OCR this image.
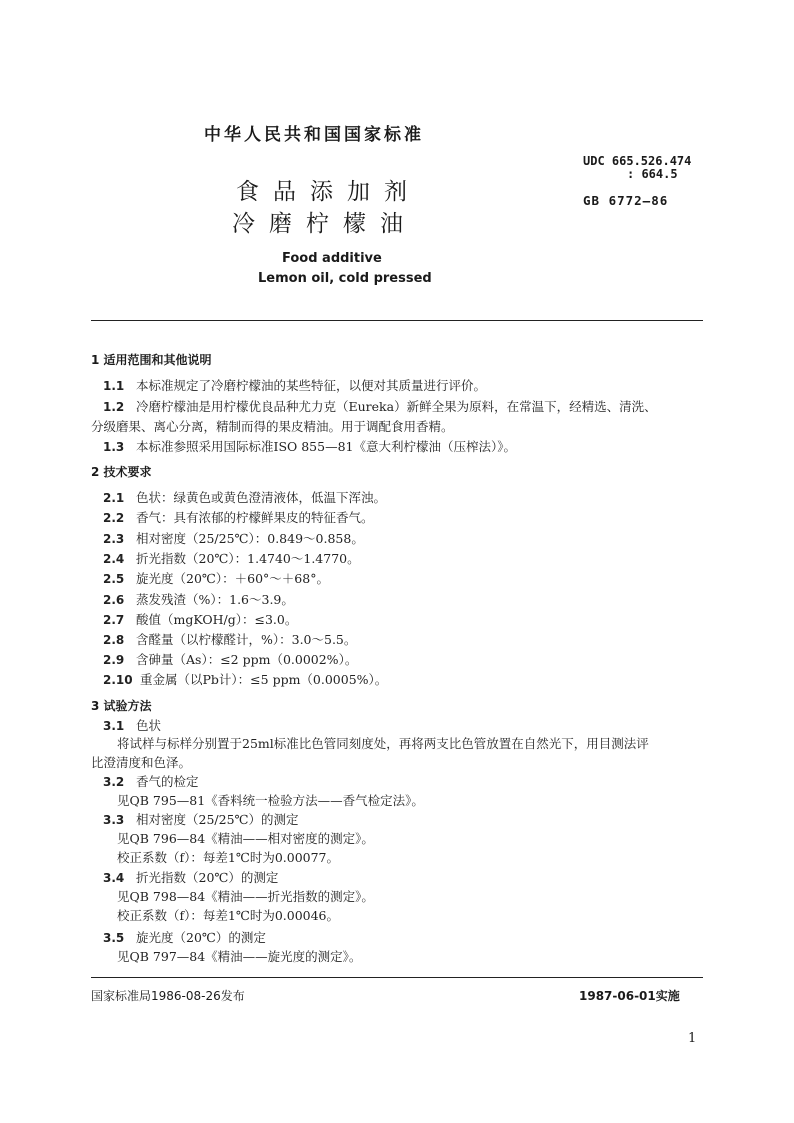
中华人民共和国国家标准
食品添加剂
冷磨柠檬油
UDC 665.526.474
: 664.5
GB 6772—86
Food additive
Lemon oil, cold pressed
1 适用范围和其他说明
1.1 本标准规定了冷磨柠檬油的某些特征，以便对其质量进行评价。
1.2 冷磨柠檬油是用柠檬优良品种尤力克（Eureka）新鲜全果为原料，在常温下，经精选、清洗、
分级磨果、离心分离，精制而得的果皮精油。用于调配食用香精。
1.3 本标准参照采用国际标准ISO 855—81《意大利柠檬油（压榨法）》。
2 技术要求
2.1 色状：绿黄色或黄色澄清液体，低温下浑浊。
2.2 香气：具有浓郁的柠檬鲜果皮的特征香气。
2.3 相对密度（25/25℃）：0.849～0.858。
2.4 折光指数（20℃）：1.4740～1.4770。
2.5 旋光度（20℃）：＋60°～＋68°。
2.6 蒸发残渣（%）：1.6～3.9。
2.7 酸值（mgKOH/g）：≤3.0。
2.8 含醛量（以柠檬醛计，%）：3.0～5.5。
2.9 含砷量（As）：≤2 ppm（0.0002%）。
2.10 重金属（以Pb计）：≤5 ppm（0.0005%）。
3 试验方法
3.1 色状
将试样与标样分别置于25ml标准比色管同刻度处，再将两支比色管放置在自然光下，用目测法评
比澄清度和色泽。
3.2 香气的检定
见QB 795—81《香料统一检验方法——香气检定法》。
3.3 相对密度（25/25℃）的测定
见QB 796—84《精油——相对密度的测定》。
校正系数（f）：每差1℃时为0.00077。
3.4 折光指数（20℃）的测定
见QB 798—84《精油——折光指数的测定》。
校正系数（f）：每差1℃时为0.00046。
3.5 旋光度（20℃）的测定
见QB 797—84《精油——旋光度的测定》。
国家标准局1986-08-26发布	1987-06-01实施
1
